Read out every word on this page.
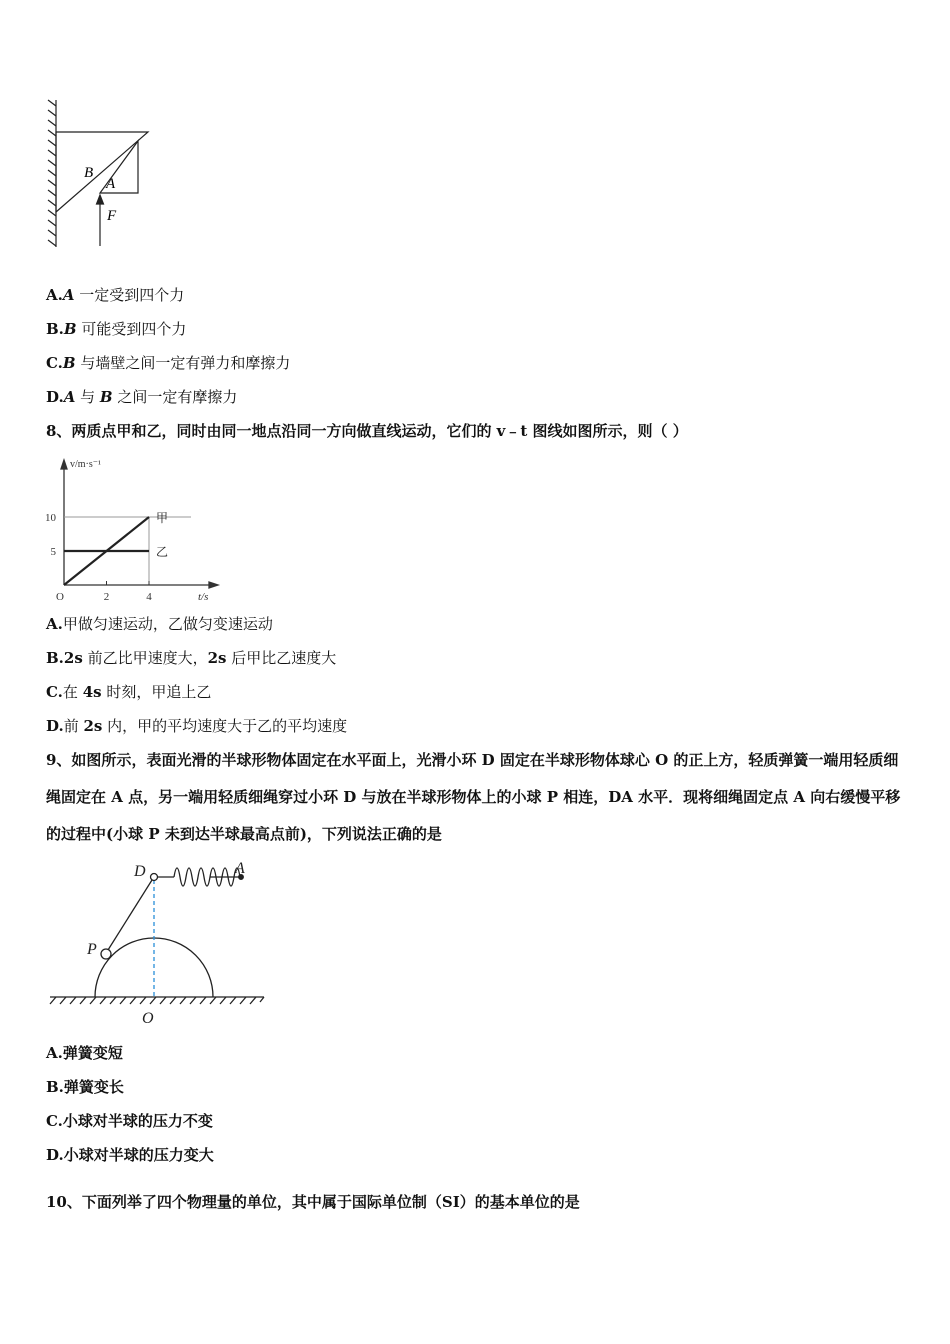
B
A
F
A.A 一定受到四个力
B.B 可能受到四个力
C.B 与墙壁之间一定有弹力和摩擦力
D.A 与 B 之间一定有摩擦力
8、两质点甲和乙，同时由同一地点沿同一方向做直线运动，它们的 v﹣t 图线如图所示，则（ ）
5
10
O	2	4
甲
乙
v/m·s⁻¹
t/s
A.甲做匀速运动，乙做匀变速运动
B.2s 前乙比甲速度大，2s 后甲比乙速度大
C.在 4s 时刻，甲追上乙
D.前 2s 内，甲的平均速度大于乙的平均速度
9、如图所示，表面光滑的半球形物体固定在水平面上，光滑小环 D 固定在半球形物体球心 O 的正上方，轻质弹簧一端用轻质细绳固定在 A 点，另一端用轻质细绳穿过小环 D 与放在半球形物体上的小球 P 相连，DA 水平．现将细绳固定点 A 向右缓慢平移的过程中(小球 P 未到达半球最高点前)，下列说法正确的是
D	A
P
O
A.弹簧变短
B.弹簧变长
C.小球对半球的压力不变
D.小球对半球的压力变大
10、下面列举了四个物理量的单位，其中属于国际单位制（SI）的基本单位的是
